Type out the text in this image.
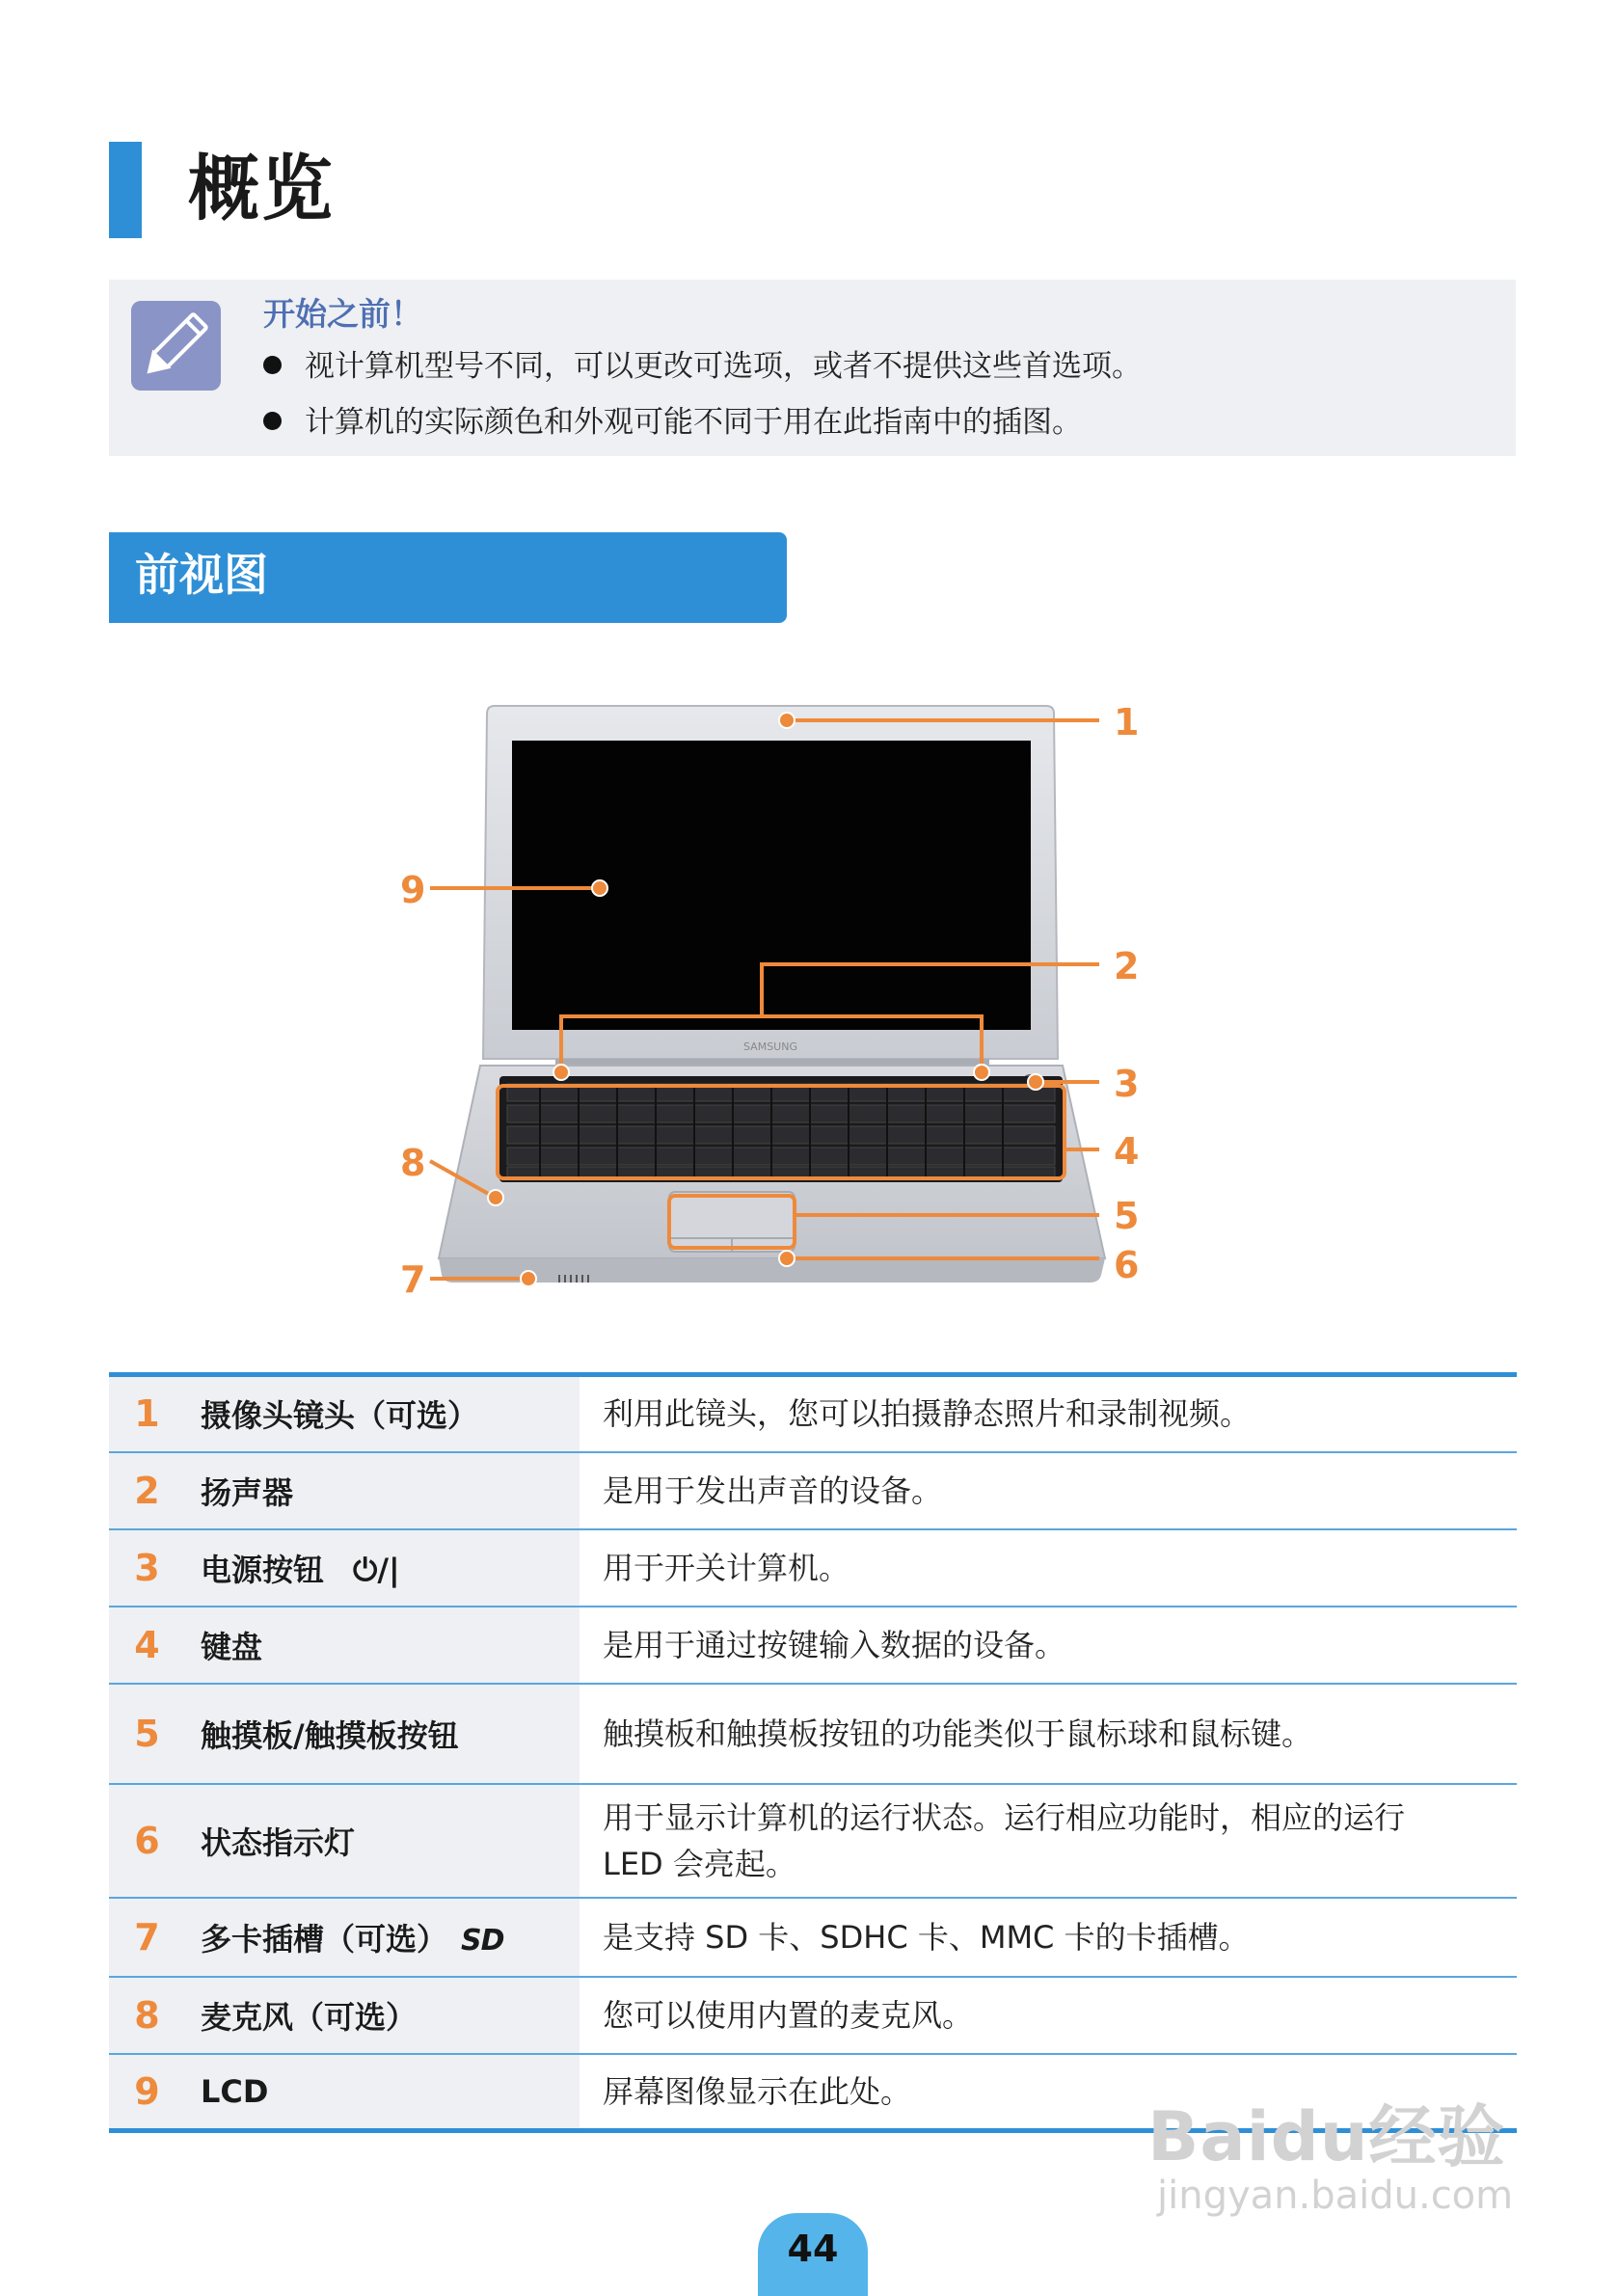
概览
开始之前！
视计算机型号不同，可以更改可选项，或者不提供这些首选项。
计算机的实际颜色和外观可能不同于用在此指南中的插图。
前视图
SAMSUNG
1
2
3
4
5
6
7
8
9
1	摄像头镜头（可选）	利用此镜头，您可以拍摄静态照片和录制视频。
2	扬声器	是用于发出声音的设备。
3	电源按钮 ⏻/|	用于开关计算机。
4	键盘	是用于通过按键输入数据的设备。
5	触摸板/触摸板按钮	触摸板和触摸板按钮的功能类似于鼠标球和鼠标键。
6	状态指示灯	用于显示计算机的运行状态。运行相应功能时，相应的运行
LED 会亮起。

7	多卡插槽（可选） SD	是支持 SD 卡、SDHC 卡、MMC 卡的卡插槽。
8	麦克风（可选）	您可以使用内置的麦克风。
9	LCD	屏幕图像显示在此处。
Baidu经验
jingyan.baidu.com
44
